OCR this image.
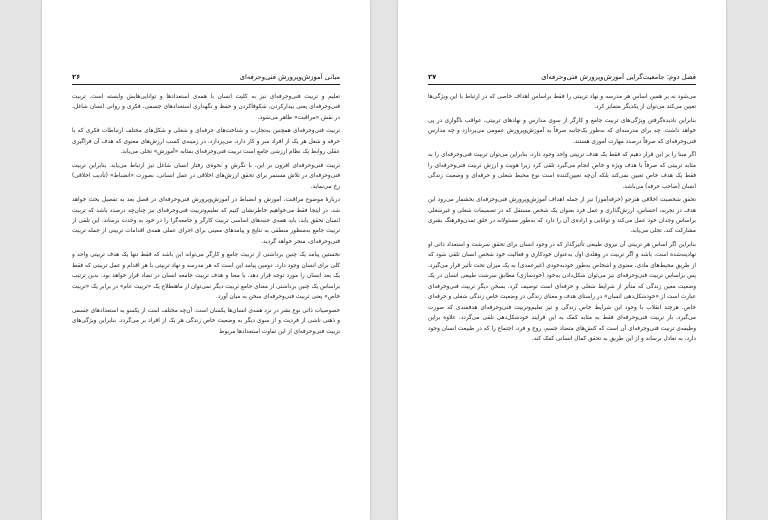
مبانی آموزش‌وپرورش فنی‌وحرفه‌ای
۲۶

تعلیم و تربیت فنی‌وحرفه‌ای نیز به کلیت انسان با همه‌ی استعدادها و توانایی‌هایش وابسته است. تربیت فنی‌وحرفه‌ای یعنی بیدارکردن، شکوفاکردن و حفظ و نگهداری استعدادهای جسمی، فکری و روانی انسان شاغل، در نقش «مراقبت» ظاهر می‌شود.

تربیت فنی‌وحرفه‌ای همچنین به‌تجارب و شناخت‌های حرفه‌ای و شغلی و شکل‌های مختلف ارتباطات فکری که با حرفه و شغل هر یک از افراد سر و کار دارد، می‌پردازد. در زمینه‌ی کسب ارزش‌های معنوی که هدف آن فراگیری عقلی روابط یک نظام ارزشی جامع است تربیت فنی‌وحرفه‌ای بمثابه «آموزش» تجلی می‌یابد.

تربیت فنی‌وحرفه‌ای افزون بر این، با نگرش و نحوه‌ی رفتار انسان شاغل نیز ارتباط می‌یابد. بنابراین تربیت فنی‌وحرفه‌ای در تلاش مستمر برای تحقق ارزش‌های اخلاقی در عمل انسانی، بصورت «انضباط» (تأدیب اخلاقی) رخ می‌نماید.

دربارهٔ موضوع مراقبت، آموزش و انضباط در آموزش‌وپرورش فنی‌وحرفه‌ای در فصل بعد به تفصیل بحث خواهد شد. در اینجا فقط می‌خواهیم خاطرنشان کنیم که تعلیم‌وتربیت فنی‌وحرفه‌ای نیز چنان‌چه درصدد باشد که تربیت انسان تحقق یابد، باید همه‌ی جنبه‌های اساسی تربیت کارگر و جامعه‌گرا را در خود به وحدت برساند. این تلقی از تربیت جامع به‌منظور منطقی به نتایج و پیامدهای معینی برای اجرای عملی همه‌ی اقدامات تربیتی از جمله تربیت فنی‌وحرفه‌ای، منجر خواهد گردید.

نخستین پیامد یک چنین برداشتی از تربیت جامع و کارگر می‌تواند این باشد که فقط تنها یک هدف تربیتی واحد و کلی برای انسان وجود دارد. دومین پیامد این است که هر مدرسه و نهاد تربیتی با هر اقدام و عمل تربیتی که فقط یک بعد انسان را مورد توجه قرار دهد، با معنا و هدف تربیت جامعه انسان در تضاد قرار خواهد بود. بدین ترتیب براساس یک چنین برداشتی از معنای جامع تربیت دیگر نمی‌توان از ماهنطلاع یک «تربیت عام» در برابر یک «تربیت خاص» یعنی تربیت فنی‌وحرفه‌ای سخن به میان آورد.

خصوصیات ذاتی نوع بشر در نزد همه‌ی انسان‌ها یکسان است. آن‌چه مختلف است از یکسو به استعدادهای جسمی و ذهنی ناشی از فردیت و از سوی دیگر به وضعیت خاص زندگی هر یک از افراد بر می‌گردد. بنابراین ویژگی‌های تربیت فنی‌وحرفه‌ای از این تفاوت استعدادها مربوط

فصل دوم: جامعیت‌گرایی آموزش‌وپرورش فنی‌وحرفه‌ای
۲۷

می‌شود نه بر همین اساس هر مدرسه و نهاد تربیتی را فقط براساس اهداف خاصی که در ارتباط با این ویژگی‌ها تعیین می‌کند می‌توان از یکدیگر متمایز کرد.

بنابراین نادیده‌گرفتن ویژگی‌های تربیت جامع و کارگر از سوی مدارس و نهادهای تربیتی، عواقب ناگواری در پی خواهد داشت. چه برای مدرسه‌ای که به‌طور یک‌جانبه صرفاً به آموزش‌وپرورش عمومی می‌پردازد و چه مدارس فنی‌وحرفه‌ای که صرفاً درصدد مهارت آموزی هستند.

اگر مبنا را بر این قرار دهیم که فقط یک هدف تربیتی واحد وجود دارد، بنابراین می‌توان تربیت فنی‌وحرفه‌ای را به مثابه تربیتی که صرفاً با هدف ویژه و خاص انجام می‌گیرد تلقی کرد زیرا هویت و ارزش تربیت فنی‌وحرفه‌ای را فقط یک هدف خاص تعیین نمی‌کند بلکه آن‌چه تعیین‌کننده است نوع محیط شغلی و حرفه‌ای و وضعیت زندگی انسان (صاحب حرفه) می‌باشد.

تحقق شخصیت اخلاقی هنرجو (حرفه‌آموز) نیز از جمله اهداف آموزش‌وپرورش فنی‌وحرفه‌ای بحشمار می‌رود این هدف در تجربه، احساس، ارزش‌گذاری و عمل فرد بعنوان یک شخص مستقل که در تصمیمات شغلی و غیرشغلی براساس وجدان خود عمل می‌کند و توانایی و اراده‌ی آن را دارد که به‌طور مسئولانه در خلق تمدن‌وفرهنگ بشری مشارکت کند، تجلی می‌یابد.

بنابراین اگر اساس هر تربیتی آن نیروی طبیعی تأثیرگذار که در وجود انسان برای تحقق سرشت و استعداد ذاتی او نهادینه‌شده است، باشد و اگر تربیت در وهله‌ی اول به‌عنوان خودکاری و فعالیت خود شخص انسان تلقی شود که از طریق محیط‌های مادی، معنوی و اشخاص به‌طور خودبه‌خودی (غیرعمدی) به یک میزان تحت تأثیر قرار می‌گیرد، پس براساس تربیت فنی‌وحرفه‌ای نیز می‌توان شکل‌دادن به‌خود (خودسازی) مطابق سرشت طبیعی انسان در یک وضعیت معین زندگی که متأثر از شرایط شغلی و حرفه‌ای است توصیف کرد. بسخن دیگر تربیت فنی‌وحرفه‌ای عبارت است از «خودشکل‌دهی انسان» در راستای هدف و معنای زندگی در وضعیت خاص زندگی شغلی و حرفه‌ای خاص. هرچند انقلاب با وجود این شرایط خاص زندگی و نیز تعلیم‌وتربیت فنی‌وحرفه‌ای هدفمندی که صورت می‌گیرد، باز تربیت فنی‌وحرفه‌ای فقط به مثابه کمک به این فرایند خودشکل‌دهی تلقی می‌گردد. علاوه براین وظیفه‌ی تربیت فنی‌وحرفه‌ای آن است که کنش‌های متضاد جسم، روح و فرد، اجتماع را که در طبیعت انسان وجود دارد، به تعادل برساند و از این طریق به تحقق کمال انسانی کمک کند.
